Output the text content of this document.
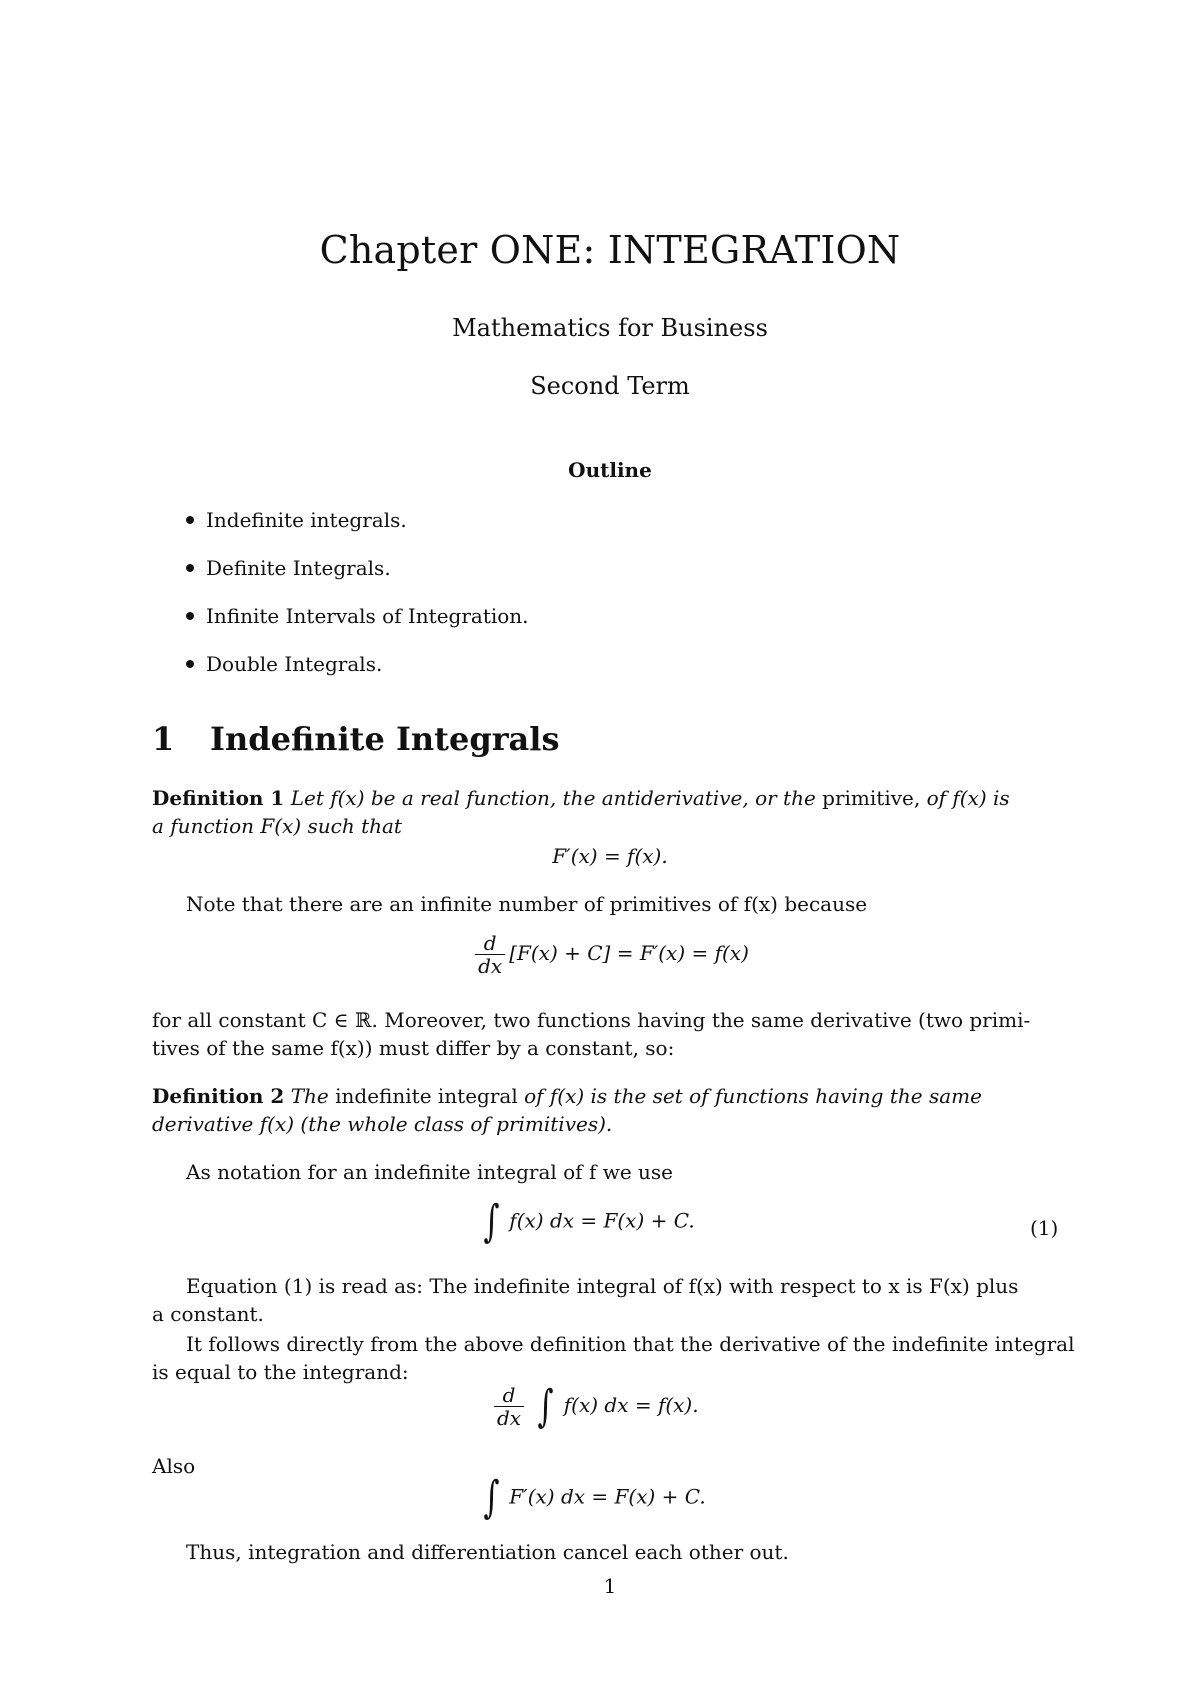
Chapter ONE: INTEGRATION
Mathematics for Business
Second Term
Outline
Indefinite integrals.
Definite Integrals.
Infinite Intervals of Integration.
Double Integrals.
1 Indefinite Integrals
Definition 1 Let f(x) be a real function, the antiderivative, or the primitive, of f(x) is
a function F(x) such that
F′(x) = f(x).
Note that there are an infinite number of primitives of f(x) because
$\frac{d}{dx} [F(x) + C] = F'(x) = f(x)$
for all constant C ∈ ℝ. Moreover, two functions having the same derivative (two primi-
tives of the same f(x)) must differ by a constant, so:
Definition 2 The indefinite integral of f(x) is the set of functions having the same
derivative f(x) (the whole class of primitives).
As notation for an indefinite integral of f we use
∫ f(x) dx = F(x) + C.	(1)
Equation (1) is read as: The indefinite integral of f(x) with respect to x is F(x) plus
a constant.
It follows directly from the above definition that the derivative of the indefinite integral
is equal to the integrand:
$\frac{d}{dx}$ ∫ f(x) dx = f(x).
Also
∫ F′(x) dx = F(x) + C.
Thus, integration and differentiation cancel each other out.
1
